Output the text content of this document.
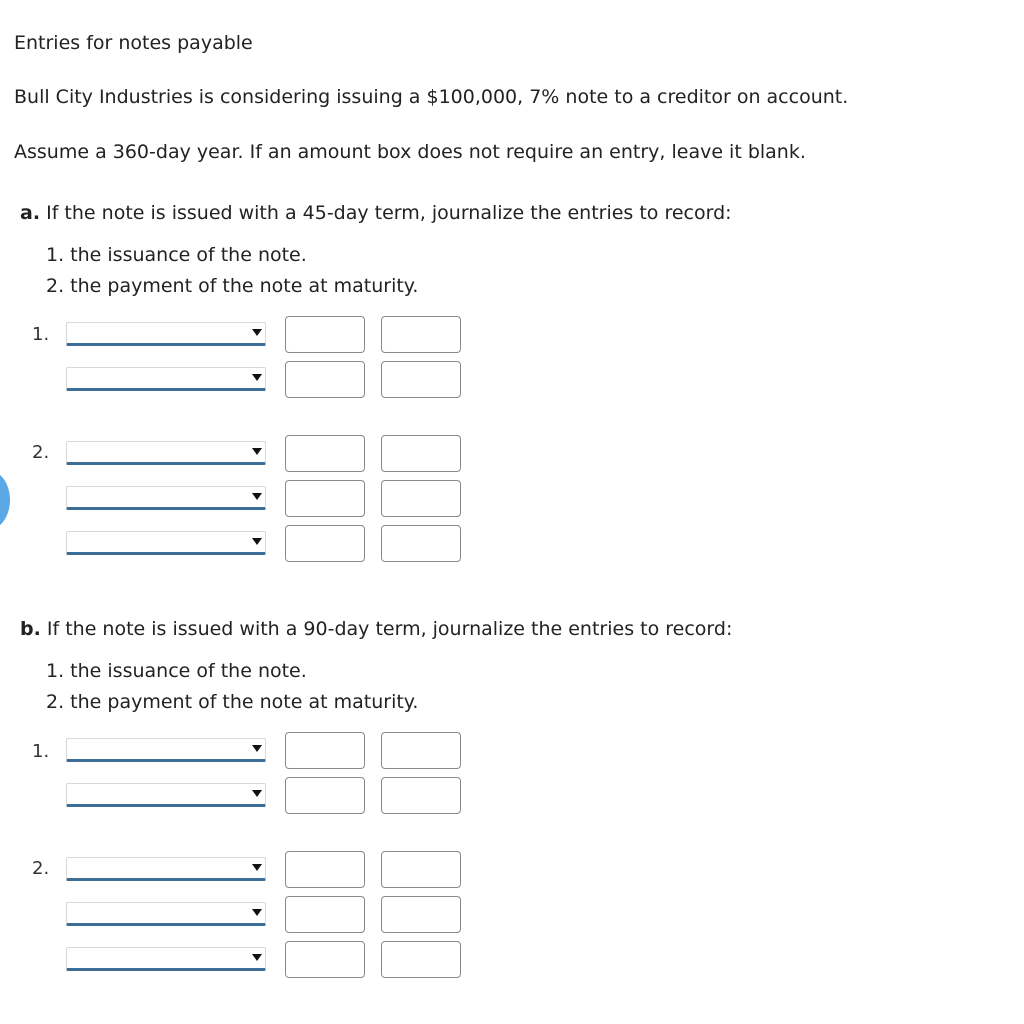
Entries for notes payable
Bull City Industries is considering issuing a $100,000, 7% note to a creditor on account.
Assume a 360-day year. If an amount box does not require an entry, leave it blank.
a. If the note is issued with a 45-day term, journalize the entries to record:
1. the issuance of the note.
2. the payment of the note at maturity.
1.
2.
b. If the note is issued with a 90-day term, journalize the entries to record:
1. the issuance of the note.
2. the payment of the note at maturity.
1.
2.
